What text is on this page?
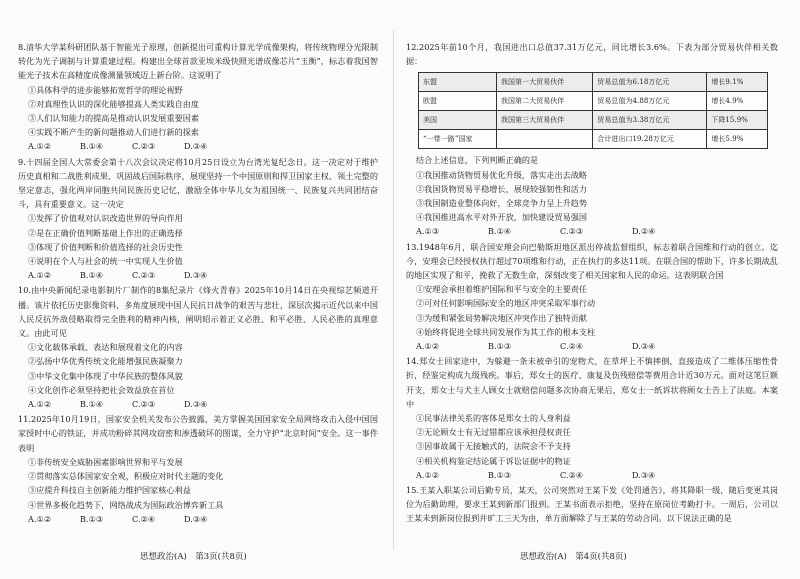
8.清华大学某科研团队基于智能光子原理，创新提出可重构计算光学成像架构，将传统物理分光限制转化为光子调制与计算重建过程。构建出全球首款亚埃米级快照光谱成像芯片“玉衡”，标志着我国智能光子技术在高精度成像测量领域迈上新台阶。这说明了
①具体科学的进步能够拓宽哲学的理论视野
②对真理性认识的深化能够提高人类实践自由度
③人们认知能力的提高是推动认识发展重要因素
④实践不断产生的新问题推动人们进行新的探索
A.①②	B.①④	C.②③	D.③④
9.十四届全国人大常委会第十八次会议决定将10月25日设立为台湾光复纪念日。这一决定对于维护历史真相和二战胜利成果、巩固战后国际秩序，展现坚持一个中国原则和捍卫国家主权、领土完整的坚定意志，强化两岸同胞共同民族历史记忆，激励全体中华儿女为祖国统一、民族复兴共同团结奋斗，具有重要意义。这一决定
①发挥了价值观对认识改造世界的导向作用
②是在正确价值判断基础上作出的正确选择
③体现了价值判断和价值选择的社会历史性
④说明在个人与社会的统一中实现人生价值
A.①②	B.①④	C.②③	D.③④
10.由中央新闻纪录电影制片厂制作的8集纪录片《烽火青春》2025年10月14日在央视综艺频道开播。该片依托历史影像资料，多角度展现中国人民抗日战争的艰苦与悲壮，深层次揭示近代以来中国人民反抗外敌侵略取得完全胜利的精神内核，阐明昭示着正义必胜、和平必胜、人民必胜的真理意义。由此可见
①文化载体承载、表达和展现着文化的内容
②弘扬中华优秀传统文化能增强民族凝聚力
③中华文化集中体现了中华民族的整体风貌
④文化创作必须坚持把社会效益放在首位
A.①②	B.①④	C.②③	D.③④
11.2025年10月19日，国家安全机关发布公告披露，美方掌握美国国家安全局网络攻击入侵中国国家授时中心的铁证，并成功粉碎其网攻窃密和渗透破坏的图谋，全力守护“北京时间”安全。这一事件表明
①非传统安全威胁困素影响世界和平与发展
②贯彻落实总体国家安全观，积极应对时代主题的变化
③应提升科技自主创新能力维护国家核心利益
④世界多极化趋势下，网络战成为国际政治博弈新工具
A.①②	B.①③	C.②④	D.③④
12.2025年前10个月，我国进出口总值37.31万亿元，同比增长3.6%。下表为部分贸易伙伴相关数据：
东盟	我国第一大贸易伙伴	贸易总值为6.18万亿元	增长9.1%
欧盟	我国第二大贸易伙伴	贸易总值为4.88万亿元	增长4.9%
美国	我国第三大贸易伙伴	贸易总值为3.38万亿元	下降15.9%
“一带一路”国家		合计进出口19.28万亿元	增长5.9%
结合上述信息，下列判断正确的是
①我国推动货物贸易优化升级，落实走出去战略
②我国货物贸易平稳增长，展现较强韧性和活力
③我国制造业整体向好，全球竞争力呈上升趋势
④我国推进高水平对外开放，加快建设贸易强国
A.①③	B.①④	C.②③	D.②④
13.1948年6月，联合国安理会向巴勒斯坦地区派出停战监督组织，标志着联合国维和行动的创立。迄今，安理会已经授权执行超过70项维和行动，正在执行的多达11项。在联合国的帮助下，许多长期战乱的地区实现了和平，挽救了无数生命，深刻改变了相关国家和人民的命运。这表明联合国
①安理会承担着维护国际和平与安全的主要责任
②可对任何影响国际安全的地区冲突采取军事行动
③为缓和紧张局势解决地区冲突作出了独特贡献
④始终将促进全球共同发展作为其工作的根本支柱
A.①②	B.①③	C.②④	D.③④
14.郑女士回家途中，为躲避一条未被牵引的宠物犬，在草坪上不慎摔倒，直接造成了二维体压缩性骨折，经鉴定构成九级残疾。事后，郑女士的医疗、康复及伤残赔偿等费用合计近30万元。面对这笔巨额开支，郑女士与犬主人顾女士就赔偿问题多次协商无果后，郑女士一纸诉状将顾女士告上了法庭。本案中
①民事法律关系的客体是郑女士的人身利益
②无论顾女士有无过错都应该承担侵权责任
③因事故属于无接触式的，法院会不予支持
④相关机构鉴定结论属于诉讼证据中的物证
A.①②	B.①③	C.②④	D.③④
15.王某入职某公司后勤专员，某天，公司突然对王某下发《处罚通告》，将其降职一级，随后变更其岗位为后勤助理，要求王某到新部门报到。王某书面表示拒绝，坚持在原岗位考勤打卡。一周后，公司以王某未到新岗位报到并旷工三天为由，单方面解除了与王某的劳动合同。以下说法正确的是
思想政治(A)　第3页(共8页)	思想政治(A)　第4页(共8页)
